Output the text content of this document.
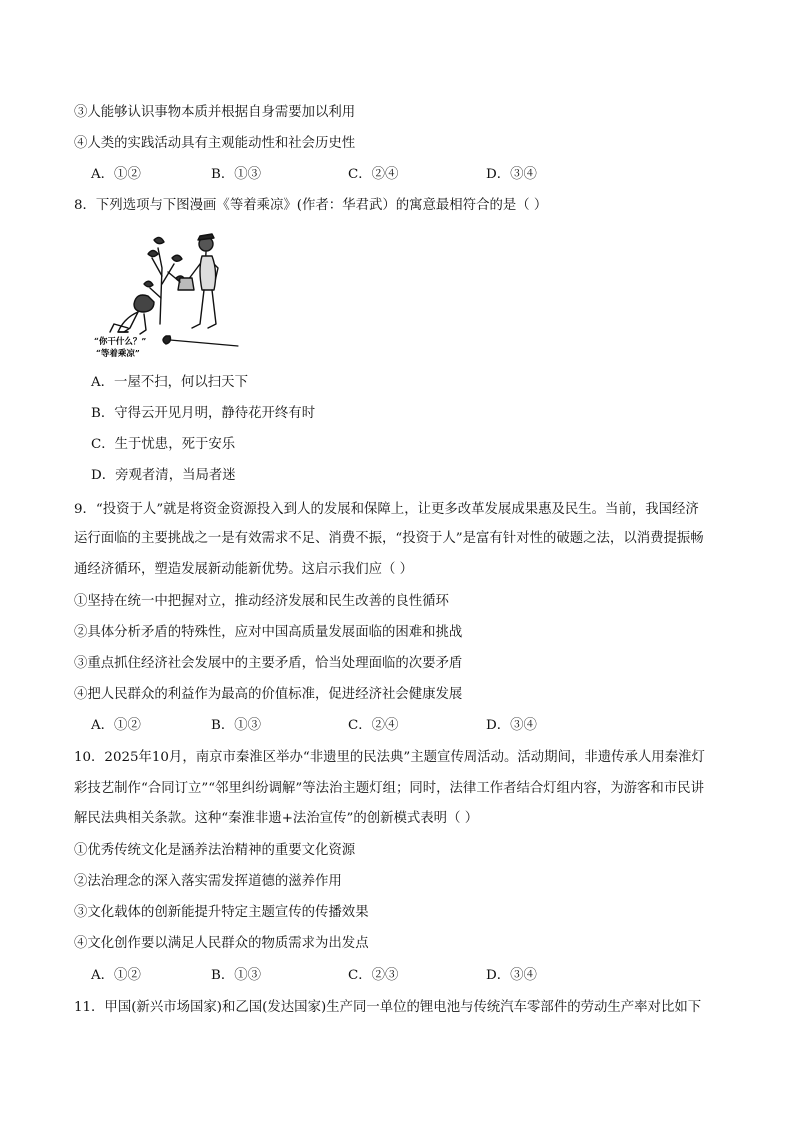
③人能够认识事物本质并根据自身需要加以利用
④人类的实践活动具有主观能动性和社会历史性
A．①②	B．①③	C．②④	D．③④
8．下列选项与下图漫画《等着乘凉》(作者：华君武）的寓意最相符合的是（ ）
“你干什么？”
“等着乘凉”
A．一屋不扫，何以扫天下
B．守得云开见月明，静待花开终有时
C．生于忧患，死于安乐
D．旁观者清，当局者迷
9．“投资于人”就是将资金资源投入到人的发展和保障上，让更多改革发展成果惠及民生。当前，我国经济
运行面临的主要挑战之一是有效需求不足、消费不振，“投资于人”是富有针对性的破题之法，以消费提振畅
通经济循环，塑造发展新动能新优势。这启示我们应（ ）
①坚持在统一中把握对立，推动经济发展和民生改善的良性循环
②具体分析矛盾的特殊性，应对中国高质量发展面临的困难和挑战
③重点抓住经济社会发展中的主要矛盾，恰当处理面临的次要矛盾
④把人民群众的利益作为最高的价值标准，促进经济社会健康发展
A．①②	B．①③	C．②④	D．③④
10．2025年10月，南京市秦淮区举办“非遗里的民法典”主题宣传周活动。活动期间，非遗传承人用秦淮灯
彩技艺制作“合同订立”“邻里纠纷调解”等法治主题灯组；同时，法律工作者结合灯组内容，为游客和市民讲
解民法典相关条款。这种“秦淮非遗+法治宣传”的创新模式表明（ ）
①优秀传统文化是涵养法治精神的重要文化资源
②法治理念的深入落实需发挥道德的滋养作用
③文化载体的创新能提升特定主题宣传的传播效果
④文化创作要以满足人民群众的物质需求为出发点
A．①②	B．①③	C．②③	D．③④
11．甲国(新兴市场国家)和乙国(发达国家)生产同一单位的锂电池与传统汽车零部件的劳动生产率对比如下
